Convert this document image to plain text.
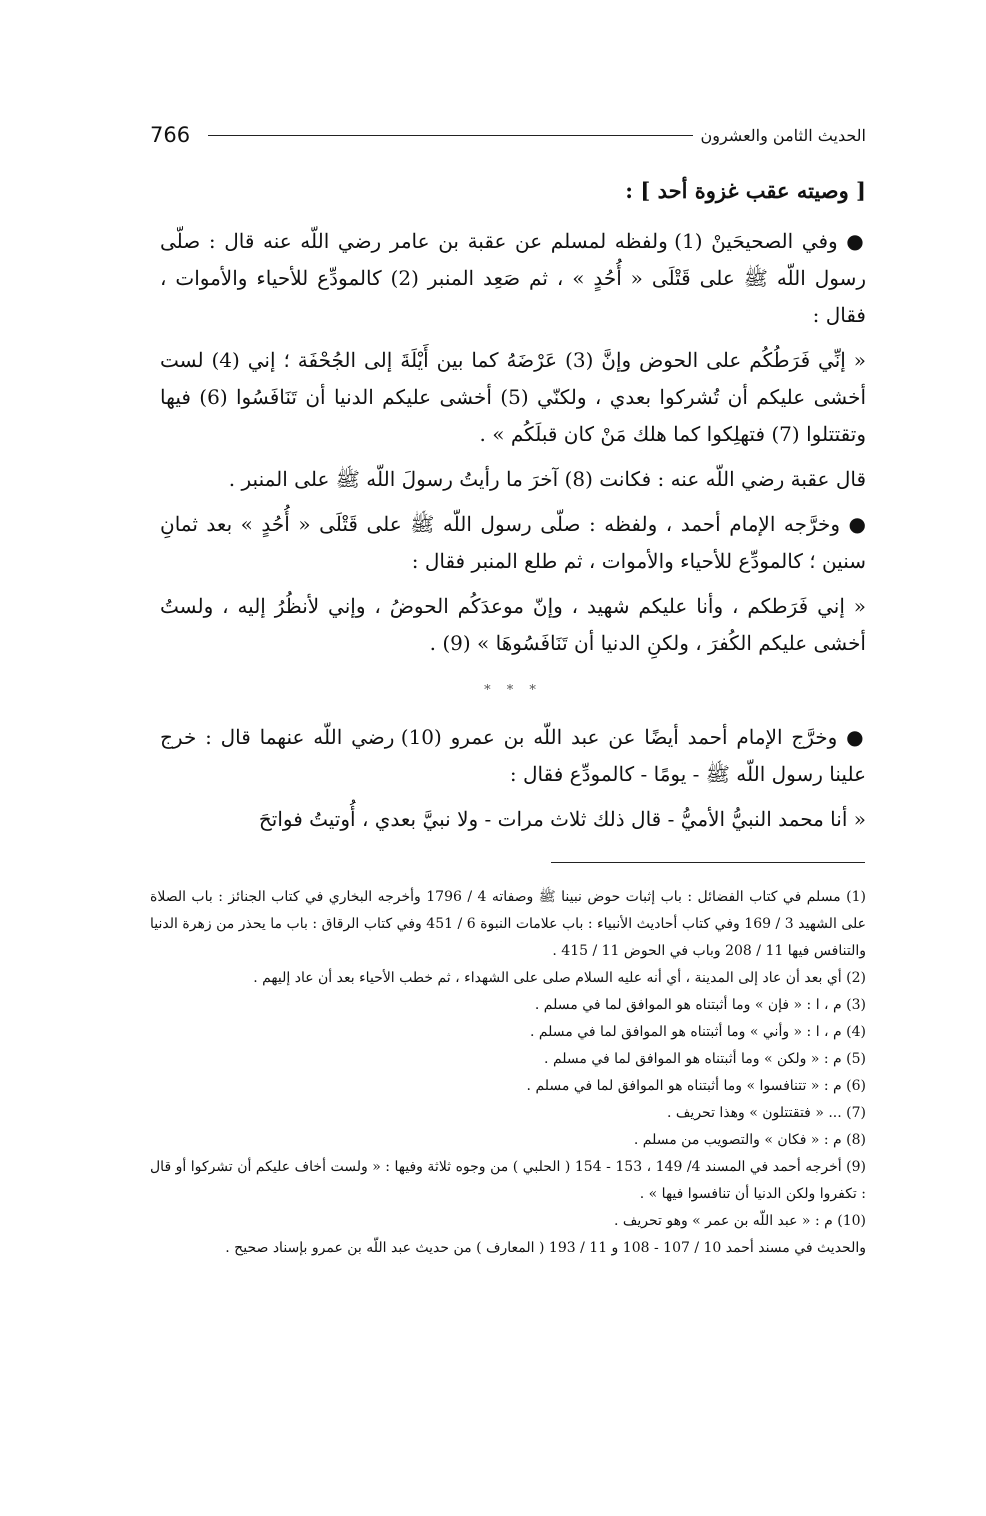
766	الحديث الثامن والعشرون

[ وصيته عقب غزوة أحد ] :

● وفي الصحيحَينْ (1) ولفظه لمسلم عن عقبة بن عامر رضي اللّه عنه قال : صلّى رسول اللّه ﷺ على قَتْلَى « أُحُدٍ » ، ثم صَعِد المنبر (2) كالمودِّع للأحياء والأموات ، فقال :

« إنِّي فَرَطُكُم على الحوض وإنَّ (3) عَرْضَهُ كما بين أَيْلَةَ إلى الجُحْفَة ؛ إني (4) لست أخشى عليكم أن تُشركوا بعدي ، ولكنّي (5) أخشى عليكم الدنيا أن تَنَافَسُوا (6) فيها وتقتتلوا (7) فتهلِكوا كما هلك مَنْ كان قبلَكُم » .

قال عقبة رضي اللّه عنه : فكانت (8) آخرَ ما رأيتُ رسولَ اللّه ﷺ على المنبر .

● وخرَّجه الإمام أحمد ، ولفظه : صلّى رسول اللّه ﷺ على قَتْلَى « أُحُدٍ » بعد ثمانِ سنين ؛ كالمودِّع للأحياء والأموات ، ثم طلع المنبر فقال :

« إني فَرَطكم ، وأنا عليكم شهيد ، وإنّ موعدَكُم الحوضُ ، وإني لأنظُرُ إليه ، ولستُ أخشى عليكم الكُفرَ ، ولكنِ الدنيا أن تَنَافَسُوهَا » (9) .

* * *

● وخرَّج الإمام أحمد أيضًا عن عبد اللّه بن عمرو (10) رضي اللّه عنهما قال : خرج علينا رسول اللّه ﷺ - يومًا - كالمودِّع فقال :

« أنا محمد النبيُّ الأميُّ - قال ذلك ثلاث مرات - ولا نبيَّ بعدي ، أُوتيتُ فواتحَ

(1) مسلم في كتاب الفضائل : باب إثبات حوض نبينا ﷺ وصفاته 4 / 1796 وأخرجه البخاري في كتاب الجنائز : باب الصلاة على الشهيد 3 / 169 وفي كتاب أحاديث الأنبياء : باب علامات النبوة 6 / 451 وفي كتاب الرقاق : باب ما يحذر من زهرة الدنيا والتنافس فيها 11 / 208 وباب في الحوض 11 / 415 .

(2) أي بعد أن عاد إلى المدينة ، أي أنه عليه السلام صلى على الشهداء ، ثم خطب الأحياء بعد أن عاد إليهم .

(3) م ، ا : « فإن » وما أثبتناه هو الموافق لما في مسلم .

(4) م ، ا : « وأني » وما أثبتناه هو الموافق لما في مسلم .

(5) م : « ولكن » وما أثبتناه هو الموافق لما في مسلم .

(6) م : « تتنافسوا » وما أثبتناه هو الموافق لما في مسلم .

(7) ... « فتقتتلون » وهذا تحريف .

(8) م : « فكان » والتصويب من مسلم .

(9) أخرجه أحمد في المسند 4/ 149 ، 153 - 154 ( الحلبي ) من وجوه ثلاثة وفيها : « ولست أخاف عليكم أن تشركوا أو قال : تكفروا ولكن الدنيا أن تنافسوا فيها » .

(10) م : « عبد اللّه بن عمر » وهو تحريف .

والحديث في مسند أحمد 10 / 107 - 108 و 11 / 193 ( المعارف ) من حديث عبد اللّه بن عمرو بإسناد صحيح .
